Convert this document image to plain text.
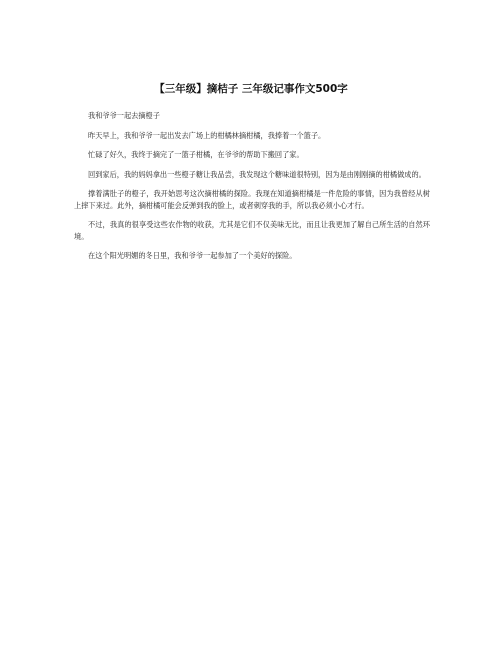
【三年级】摘桔子 三年级记事作文500字

我和爷爷一起去摘橙子

昨天早上，我和爷爷一起出发去广场上的柑橘林摘柑橘，我捧着一个篮子。

忙碌了好久，我终于摘完了一篮子柑橘，在爷爷的帮助下搬回了家。

回到家后，我的妈妈拿出一些橙子糖让我品尝，我发现这个糖味道很特别，因为是由刚刚摘的柑橘做成的。

撑着满肚子的橙子，我开始思考这次摘柑橘的探险。我现在知道摘柑橘是一件危险的事情，因为我曾经从树上摔下来过。此外，摘柑橘可能会反弹到我的脸上，或者刺穿我的手，所以我必须小心才行。

不过，我真的很享受这些农作物的收获，尤其是它们不仅美味无比，而且让我更加了解自己所生活的自然环境。

在这个阳光明媚的冬日里，我和爷爷一起参加了一个美好的探险。
